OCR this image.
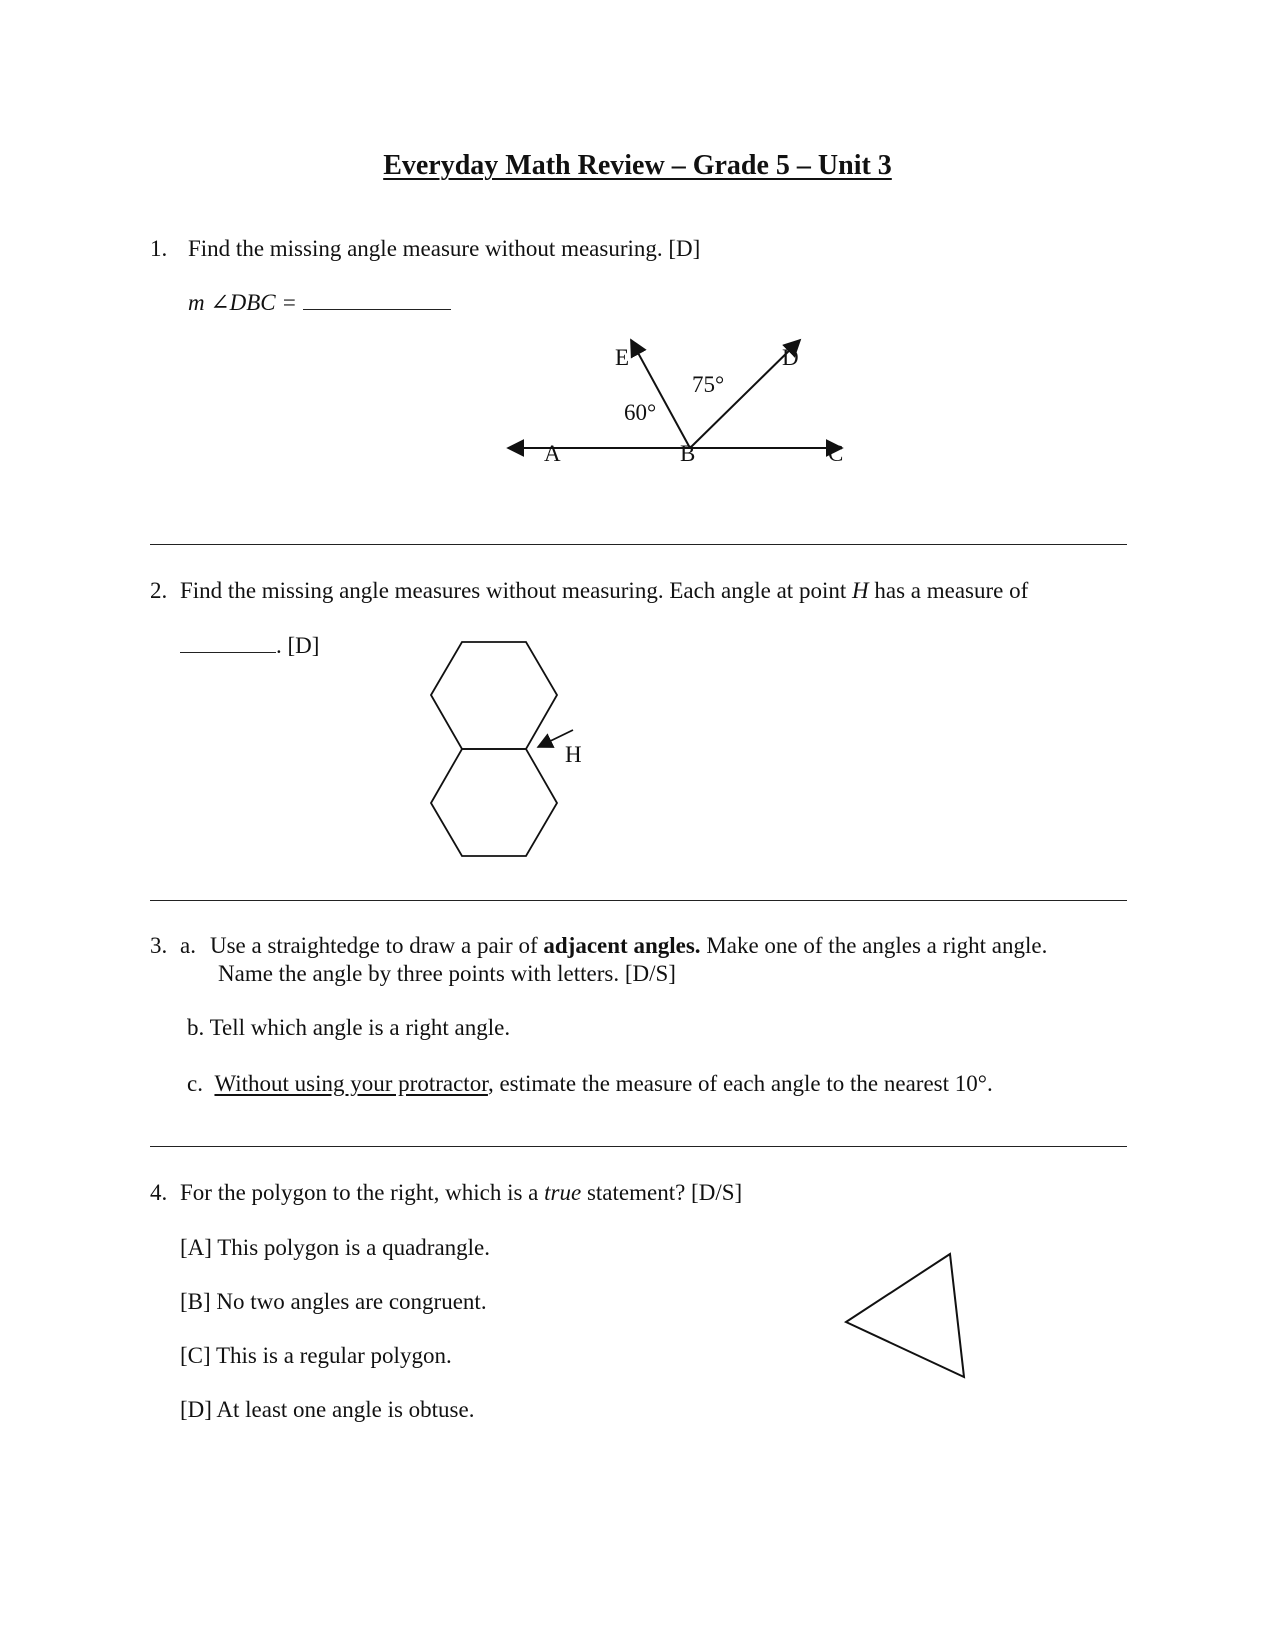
Everyday Math Review – Grade 5 – Unit 3
1. Find the missing angle measure without measuring. [D]
m ∠DBC =
E	D
A	B	C
75°
60°
2. Find the missing angle measures without measuring. Each angle at point H has a measure of
. [D]
H
3. a. Use a straightedge to draw a pair of adjacent angles. Make one of the angles a right angle.
Name the angle by three points with letters. [D/S]
b. Tell which angle is a right angle.
c. Without using your protractor, estimate the measure of each angle to the nearest 10°.
4. For the polygon to the right, which is a true statement? [D/S]
[A] This polygon is a quadrangle.
[B] No two angles are congruent.
[C] This is a regular polygon.
[D] At least one angle is obtuse.
